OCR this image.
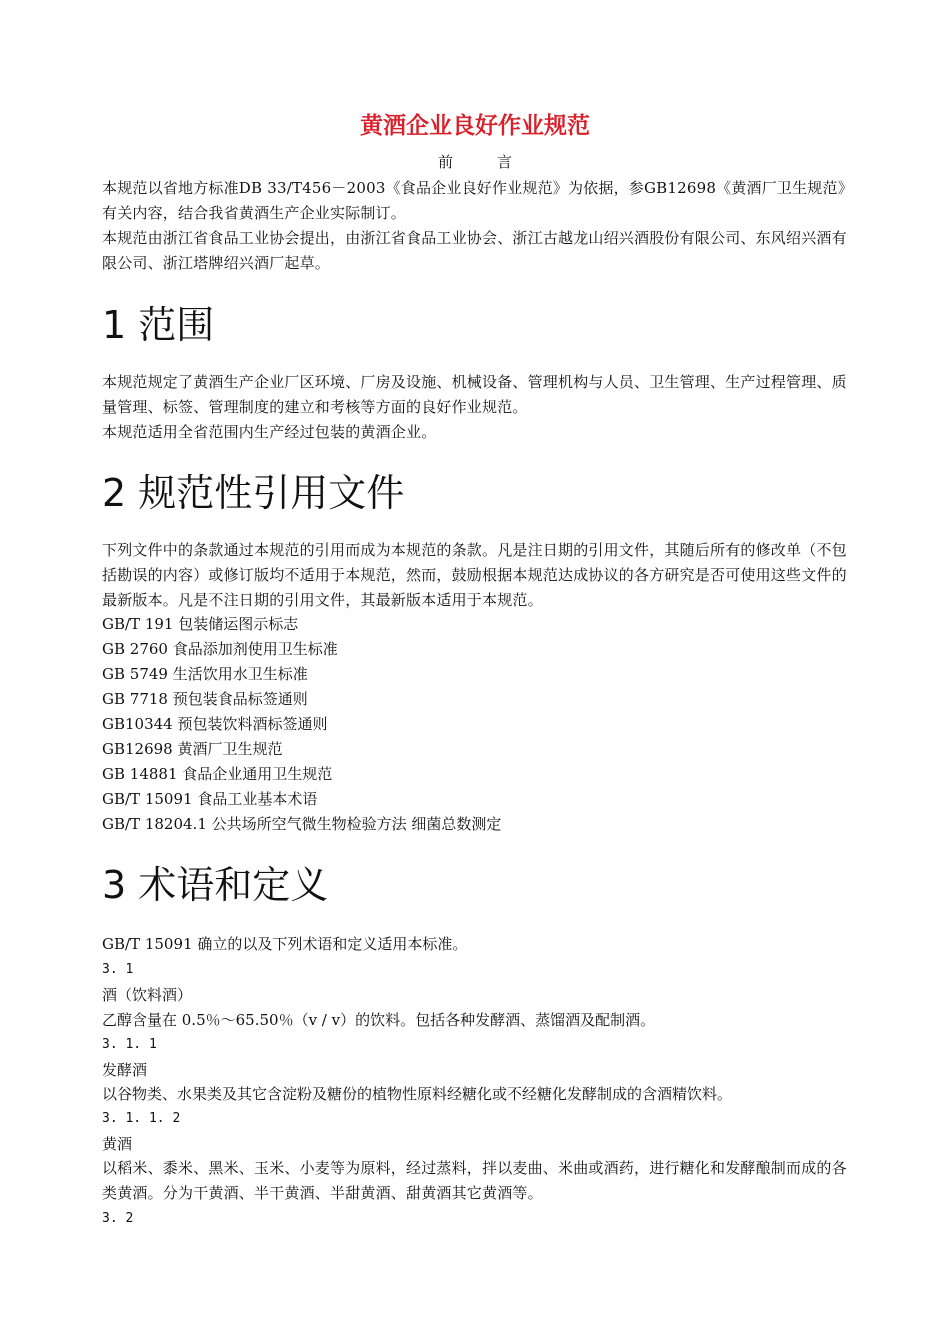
黄酒企业良好作业规范
前言
本规范以省地方标准DB 33/T456－2003《食品企业良好作业规范》为依据，参GB12698《黄酒厂卫生规范》有关内容，结合我省黄酒生产企业实际制订。
本规范由浙江省食品工业协会提出，由浙江省食品工业协会、浙江古越龙山绍兴酒股份有限公司、东风绍兴酒有限公司、浙江塔牌绍兴酒厂起草。
1 范围
本规范规定了黄酒生产企业厂区环境、厂房及设施、机械设备、管理机构与人员、卫生管理、生产过程管理、质量管理、标签、管理制度的建立和考核等方面的良好作业规范。
本规范适用全省范围内生产经过包装的黄酒企业。
2 规范性引用文件
下列文件中的条款通过本规范的引用而成为本规范的条款。凡是注日期的引用文件，其随后所有的修改单（不包括勘误的内容）或修订版均不适用于本规范，然而，鼓励根据本规范达成协议的各方研究是否可使用这些文件的最新版本。凡是不注日期的引用文件，其最新版本适用于本规范。
GB/T 191 包装储运图示标志
GB 2760 食品添加剂使用卫生标准
GB 5749 生活饮用水卫生标准
GB 7718 预包装食品标签通则
GB10344 预包装饮料酒标签通则
GB12698 黄酒厂卫生规范
GB 14881 食品企业通用卫生规范
GB/T 15091 食品工业基本术语
GB/T 18204.1 公共场所空气微生物检验方法 细菌总数测定
3 术语和定义
GB/T 15091 确立的以及下列术语和定义适用本标准。
3. 1
酒（饮料酒）
乙醇含量在 0.5％～65.50％（v / v）的饮料。包括各种发酵酒、蒸馏酒及配制酒。
3. 1. 1
发酵酒
以谷物类、水果类及其它含淀粉及糖份的植物性原料经糖化或不经糖化发酵制成的含酒精饮料。
3. 1. 1. 2
黄酒
以稻米、黍米、黑米、玉米、小麦等为原料，经过蒸料，拌以麦曲、米曲或酒药，进行糖化和发酵酿制而成的各类黄酒。分为干黄酒、半干黄酒、半甜黄酒、甜黄酒其它黄酒等。
3. 2
